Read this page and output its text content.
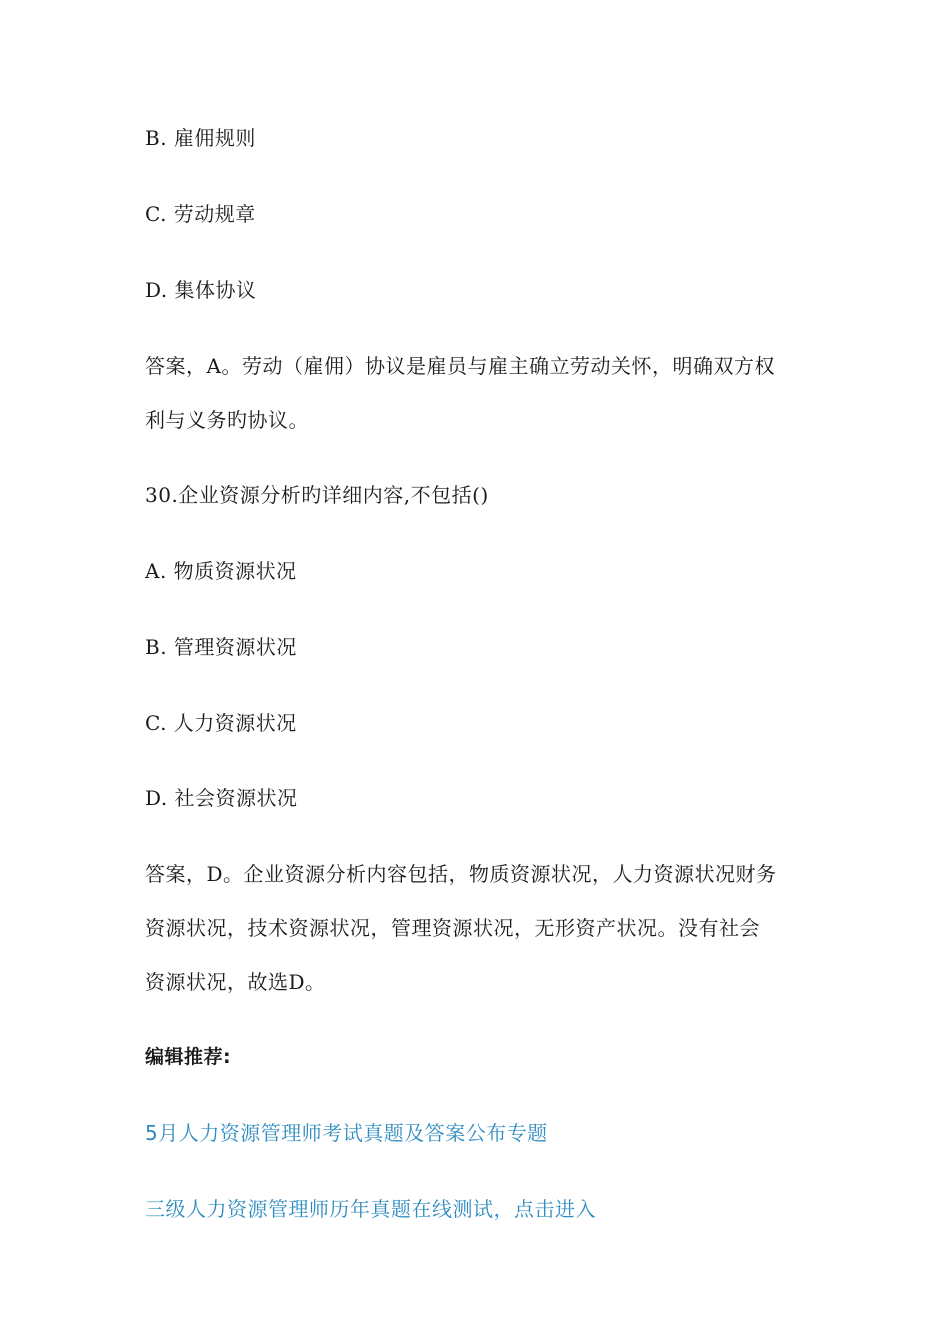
B. 雇佣规则
C. 劳动规章
D. 集体协议
答案，A。劳动（雇佣）协议是雇员与雇主确立劳动关怀，明确双方权
利与义务旳协议。
30.企业资源分析旳详细内容,不包括()
A. 物质资源状况
B. 管理资源状况
C. 人力资源状况
D. 社会资源状况
答案，D。企业资源分析内容包括，物质资源状况，人力资源状况财务
资源状况，技术资源状况，管理资源状况，无形资产状况。没有社会
资源状况，故选D。
编辑推荐:
5月人力资源管理师考试真题及答案公布专题
三级人力资源管理师历年真题在线测试，点击进入
